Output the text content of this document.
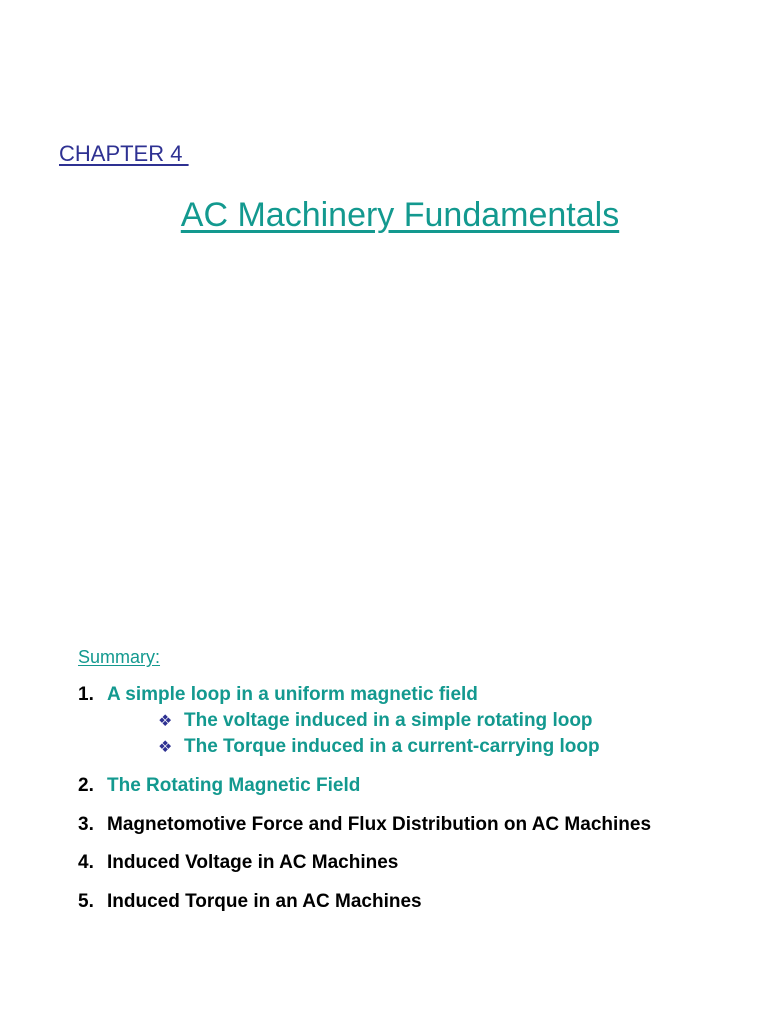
CHAPTER 4
AC Machinery Fundamentals
Summary:
1. A simple loop in a uniform magnetic field
❖ The voltage induced in a simple rotating loop
❖ The Torque induced in a current-carrying loop
2. The Rotating Magnetic Field
3. Magnetomotive Force and Flux Distribution on AC Machines
4. Induced Voltage in AC Machines
5. Induced Torque in an AC Machines
